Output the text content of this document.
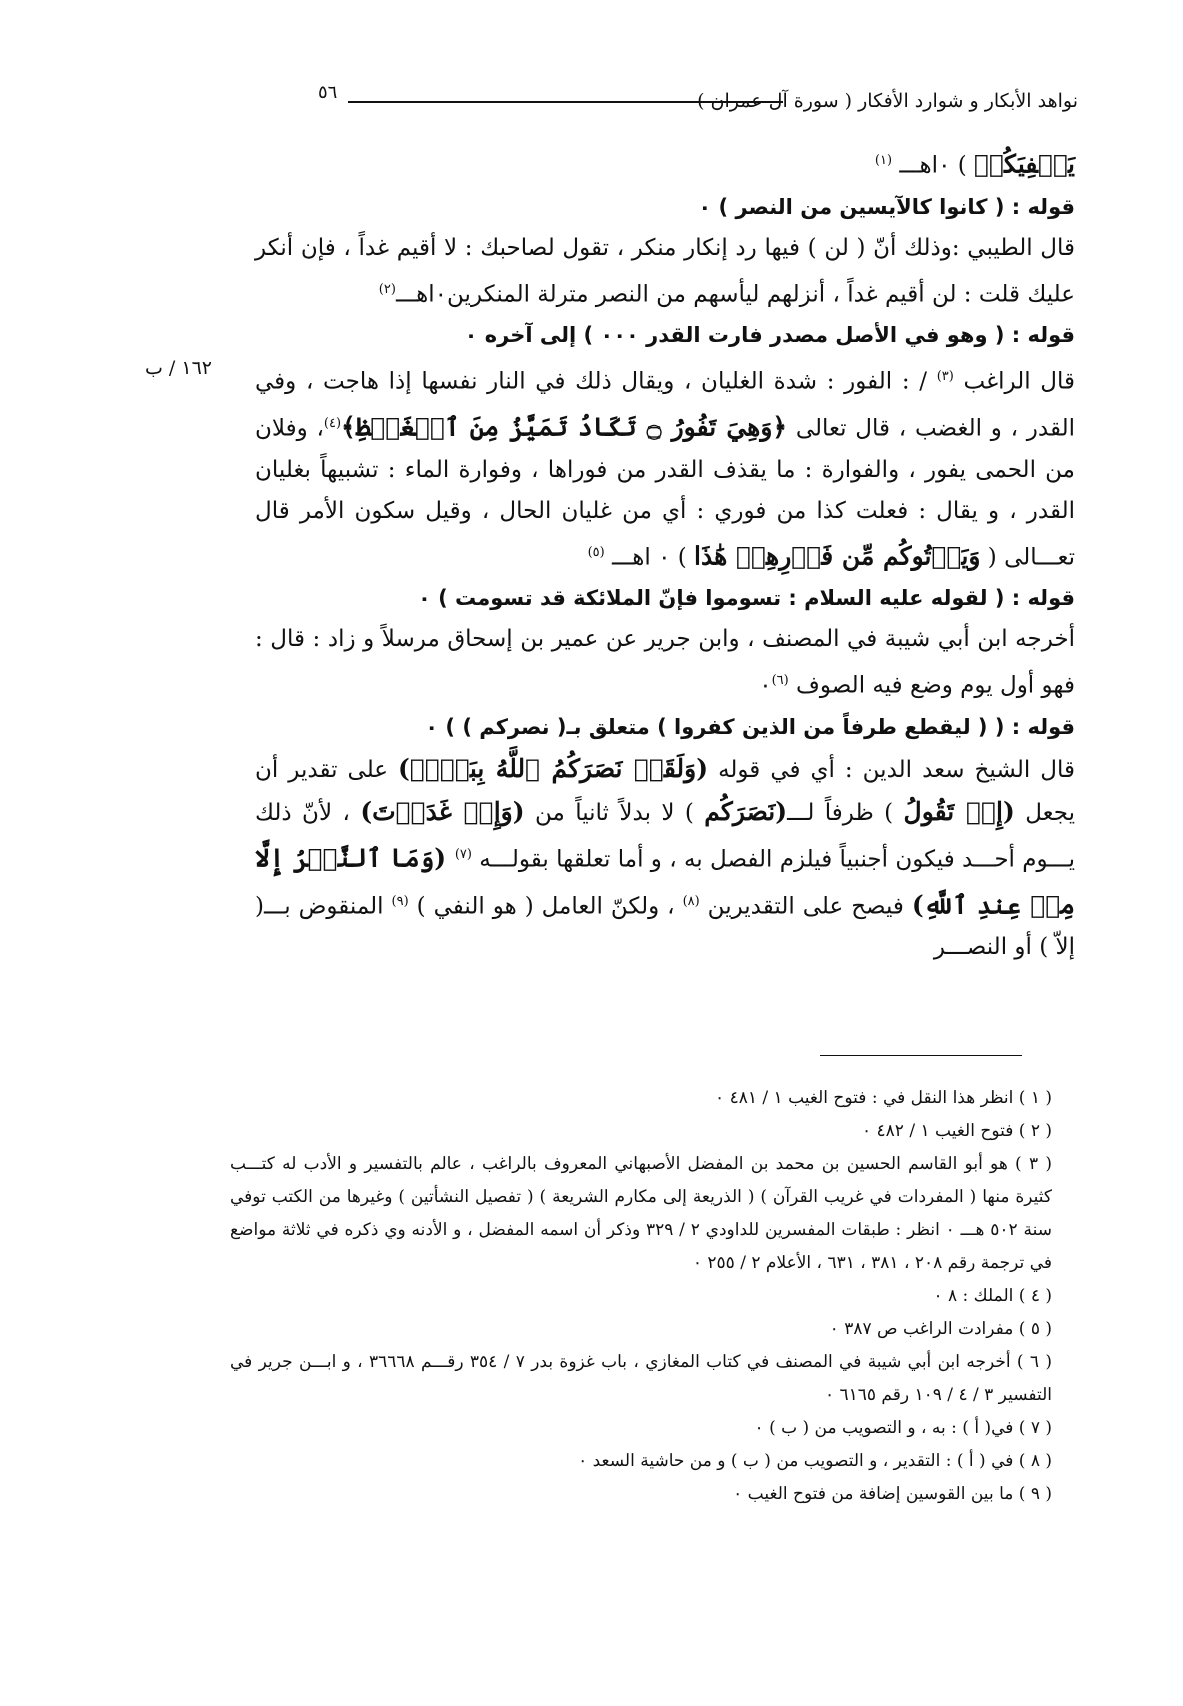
نواهد الأبكار و شوارد الأفكار ( سورة آل عمران )
٥٦
١٦٢ / ب

يَكۡفِيَكُمۡ ) ٠اهـــ $^{(١)}$

قوله : ( كانوا كالآيسين من النصر ) ٠

قال الطيبي :وذلك أنّ ( لن ) فيها رد إنكار منكر ، تقول لصاحبك : لا أقيم غداً ، فإن أنكر عليك قلت : لن أقيم غداً ، أنزلهم ليأسهم من النصر مترلة المنكرين٠اهـــ$^{(٢)}$

قوله : ( وهو في الأصل مصدر فارت القدر ٠٠٠ ) إلى آخره ٠

قال الراغب $^{(٣)}$ / : الفور : شدة الغليان ، ويقال ذلك في النار نفسها إذا هاجت ، وفي القدر ، و الغضب ، قال تعالى ﴿وَهِيَ تَفُورُ ۝ تَكَادُ تَمَيَّزُ مِنَ ٱلۡغَيۡظِ﴾$^{(٤)}$، وفلان من الحمى يفور ، والفوارة : ما يقذف القدر من فوراها ، وفوارة الماء : تشبيهاً بغليان القدر ، و يقال : فعلت كذا من فوري : أي من غليان الحال ، وقيل سكون الأمر قال تعـــالى ( وَيَأۡتُوكُم مِّن فَوۡرِهِمۡ هَٰذَا ) ٠ اهـــ $^{(٥)}$

قوله : ( لقوله عليه السلام : تسوموا فإنّ الملائكة قد تسومت ) ٠

أخرجه ابن أبي شيبة في المصنف ، وابن جرير عن عمير بن إسحاق مرسلاً و زاد : قال : فهو أول يوم وضع فيه الصوف $^{(٦)}$٠

قوله : ( ( ليقطع طرفاً من الذين كفروا ) متعلق بـ( نصركم ) ) ٠

قال الشيخ سعد الدين : أي في قوله (وَلَقَدۡ نَصَرَكُمُ ٱللَّهُ بِبَدۡرٖ) على تقدير أن يجعل (إِذۡ تَقُولُ ) ظرفاً لـــ(نَصَرَكُم ) لا بدلاً ثانياً من (وَإِذۡ غَدَوۡتَ) ، لأنّ ذلك يـــوم أحـــد فيكون أجنبياً فيلزم الفصل به ، و أما تعلقها بقولـــه $^{(٧)}$ (وَمَا ٱلنَّصۡرُ إِلَّا مِنۡ عِندِ ٱللَّهِ) فيصح على التقديرين $^{(٨)}$ ، ولكنّ العامل ( هو النفي ) $^{(٩)}$ المنقوض بـــ( إلاّ ) أو النصـــر

( ١ ) انظر هذا النقل في : فتوح الغيب ١ / ٤٨١ ٠

( ٢ ) فتوح الغيب ١ / ٤٨٢ ٠

( ٣ ) هو أبو القاسم الحسين بن محمد بن المفضل الأصبهاني المعروف بالراغب ، عالم بالتفسير و الأدب له كتـــب كثيرة منها ( المفردات في غريب القرآن ) ( الذريعة إلى مكارم الشريعة ) ( تفصيل النشأتين ) وغيرها من الكتب توفي سنة ٥٠٢ هـــ ٠ انظر : طبقات المفسرين للداودي ٢ / ٣٢٩ وذكر أن اسمه المفضل ، و الأدنه وي ذكره في ثلاثة مواضع في ترجمة رقم ٢٠٨ ، ٣٨١ ، ٦٣١ ، الأعلام ٢ / ٢٥٥ ٠

( ٤ ) الملك : ٨ ٠

( ٥ ) مفرادت الراغب ص ٣٨٧ ٠

( ٦ ) أخرجه ابن أبي شيبة في المصنف في كتاب المغازي ، باب غزوة بدر ٧ / ٣٥٤ رقـــم ٣٦٦٦٨ ، و ابـــن جرير في التفسير ٣ / ٤ / ١٠٩ رقم ٦١٦٥ ٠

( ٧ ) في( أ ) : به ، و التصويب من ( ب ) ٠

( ٨ ) في ( أ ) : التقدير ، و التصويب من ( ب ) و من حاشية السعد ٠

( ٩ ) ما بين القوسين إضافة من فتوح الغيب ٠
